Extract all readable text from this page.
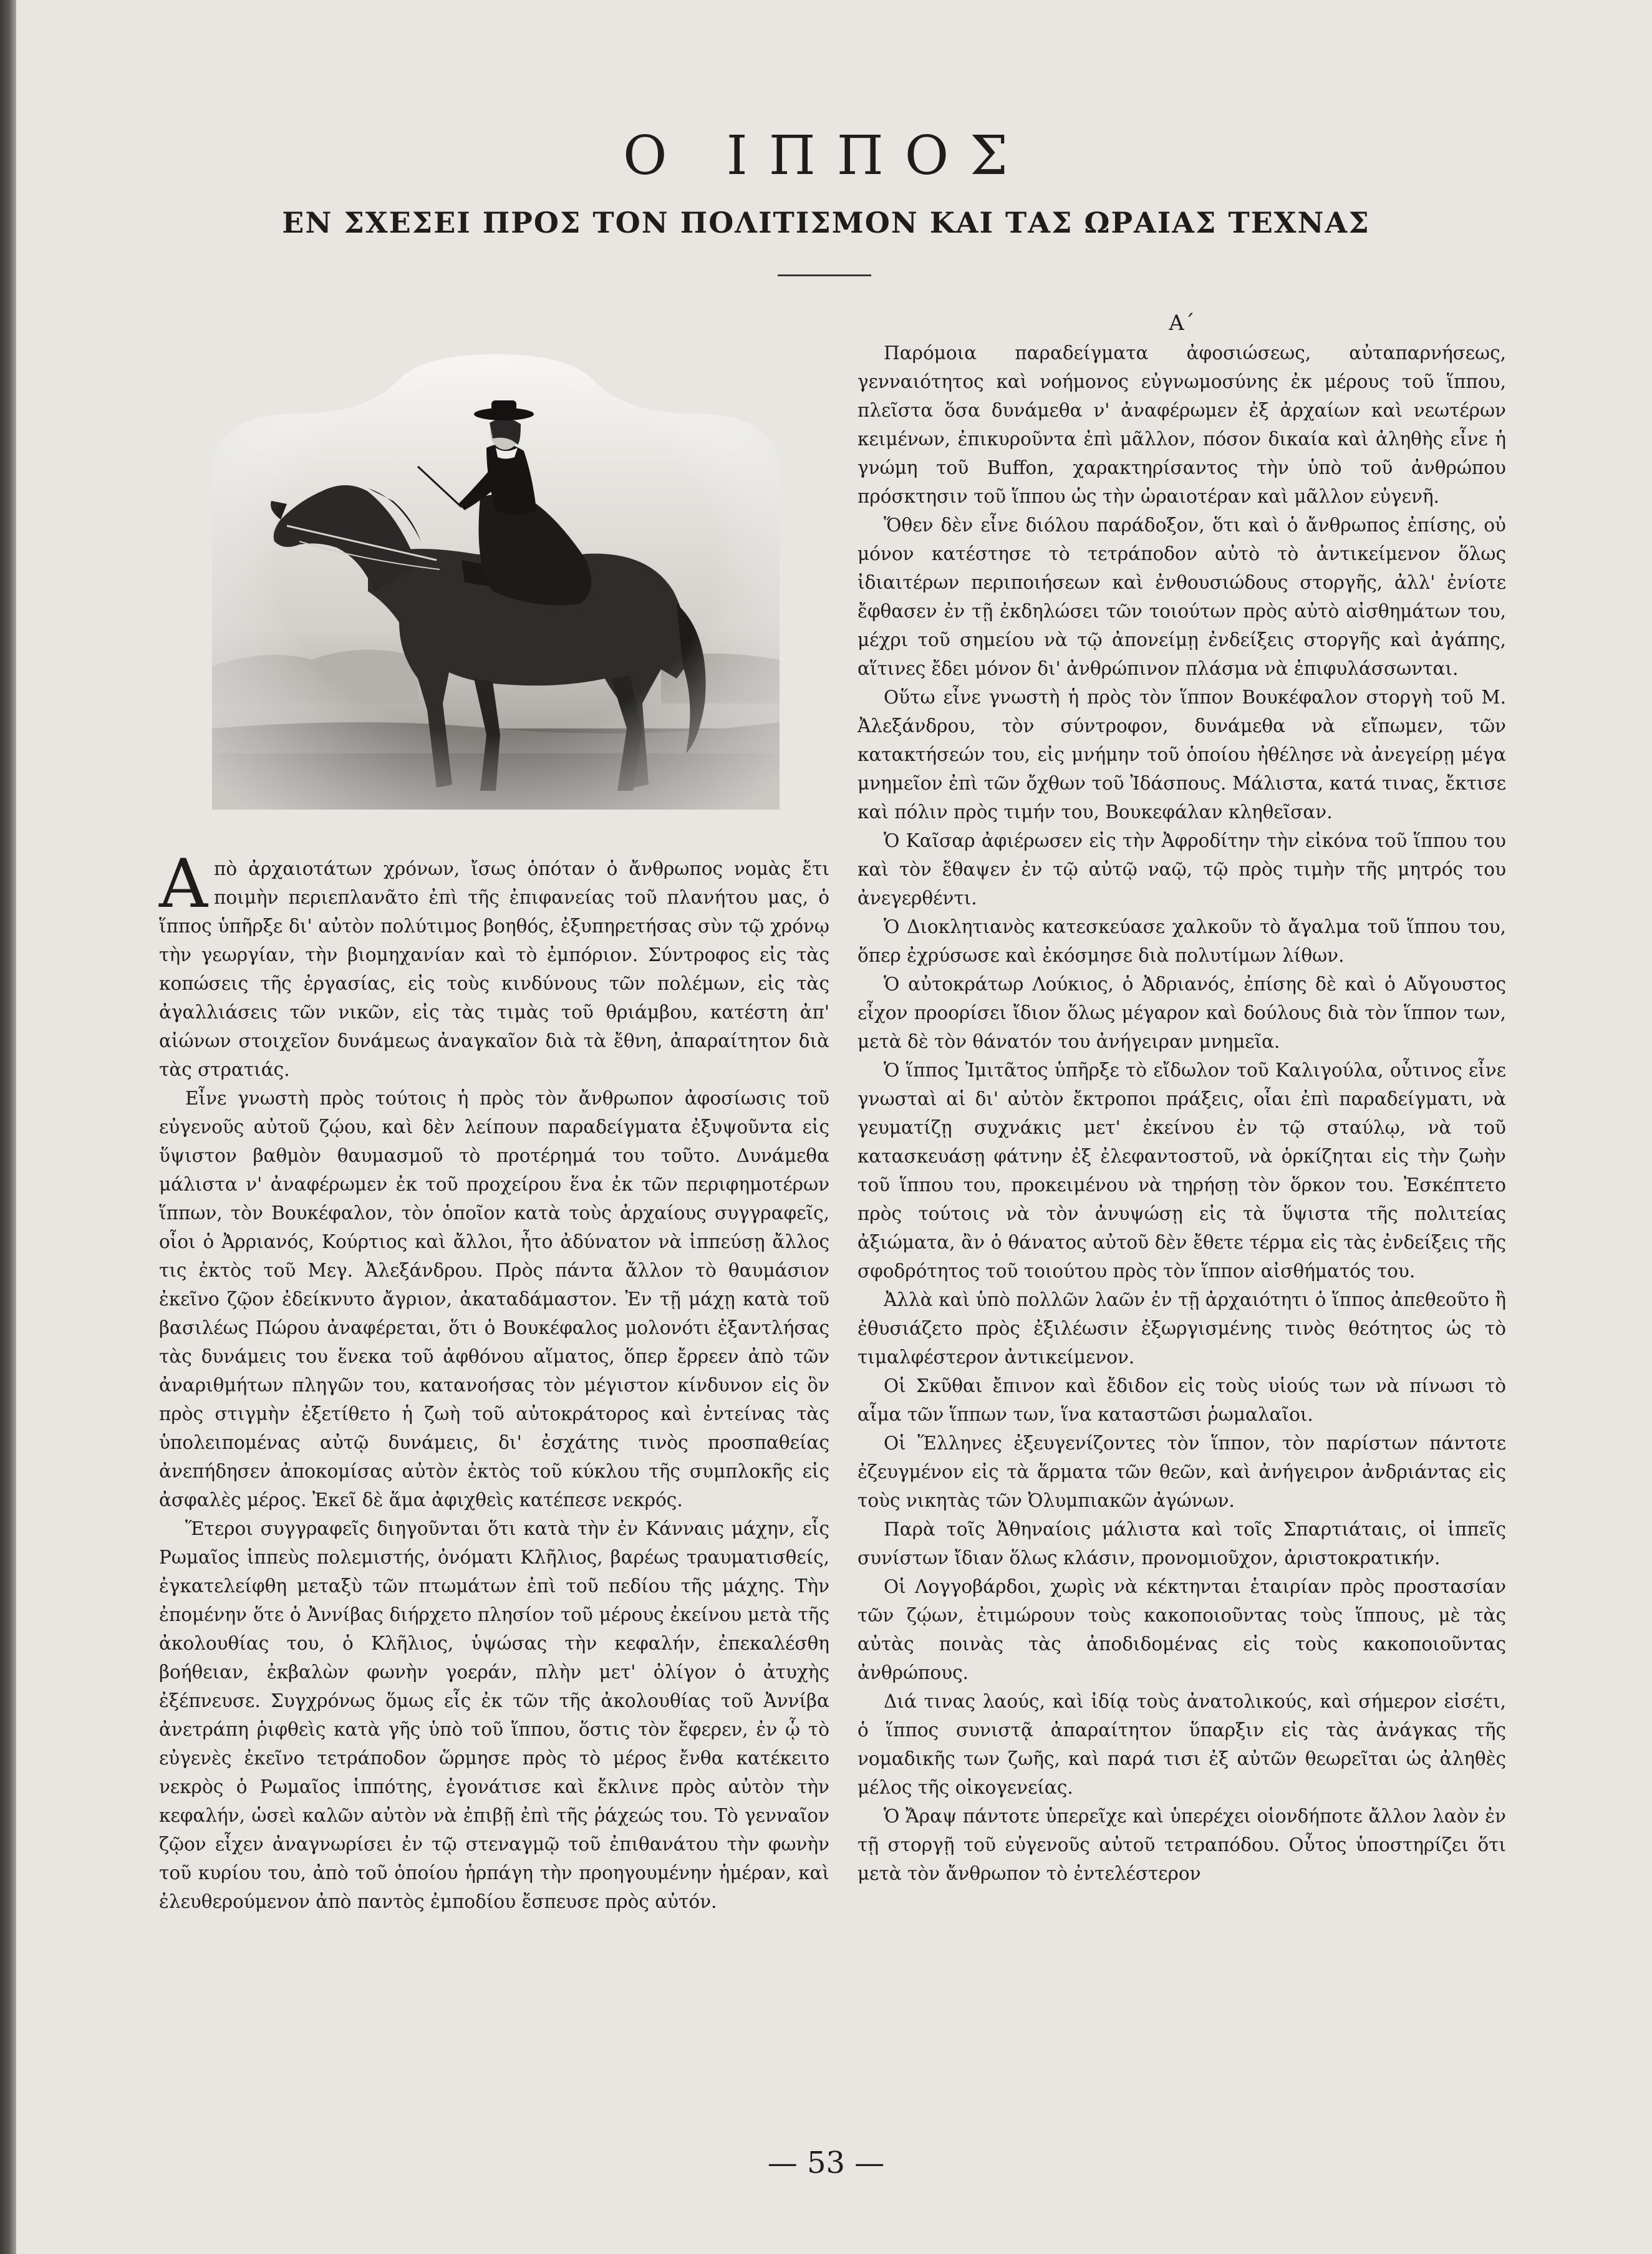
Ο ΙΠΠΟΣ
ΕΝ ΣΧΕΣΕΙ ΠΡΟΣ ΤΟΝ ΠΟΛΙΤΙΣΜΟΝ ΚΑΙ ΤΑΣ ΩΡΑΙΑΣ ΤΕΧΝΑΣ

Απὸ ἀρχαιοτάτων χρόνων, ἴσως ὁπόταν ὁ ἄνθρωπος νομὰς ἔτι ποιμὴν περιεπλανᾶτο ἐπὶ τῆς ἐπιφανείας τοῦ πλανήτου μας, ὁ ἵππος ὑπῆρξε δι' αὐτὸν πολύτιμος βοηθός, ἐξυπηρετήσας σὺν τῷ χρόνῳ τὴν γεωργίαν, τὴν βιομηχανίαν καὶ τὸ ἐμπόριον. Σύντροφος εἰς τὰς κοπώσεις τῆς ἐργασίας, εἰς τοὺς κινδύνους τῶν πολέμων, εἰς τὰς ἀγαλλιάσεις τῶν νικῶν, εἰς τὰς τιμὰς τοῦ θριάμβου, κατέστη ἀπ' αἰώνων στοιχεῖον δυνάμεως ἀναγκαῖον διὰ τὰ ἔθνη, ἀπαραίτητον διὰ τὰς στρατιάς.

Εἶνε γνωστὴ πρὸς τούτοις ἡ πρὸς τὸν ἄνθρωπον ἀφοσίωσις τοῦ εὐγενοῦς αὐτοῦ ζῴου, καὶ δὲν λείπουν παραδείγματα ἐξυψοῦντα εἰς ὕψιστον βαθμὸν θαυμασμοῦ τὸ προτέρημά του τοῦτο. Δυνάμεθα μάλιστα ν' ἀναφέρωμεν ἐκ τοῦ προχείρου ἕνα ἐκ τῶν περιφημοτέρων ἵππων, τὸν Βουκέφαλον, τὸν ὁποῖον κατὰ τοὺς ἀρχαίους συγγραφεῖς, οἷοι ὁ Ἀρριανός, Κούρτιος καὶ ἄλλοι, ἦτο ἀδύνατον νὰ ἱππεύσῃ ἄλλος τις ἐκτὸς τοῦ Μεγ. Ἀλεξάνδρου. Πρὸς πάντα ἄλλον τὸ θαυμάσιον ἐκεῖνο ζῷον ἐδείκνυτο ἄγριον, ἀκαταδάμαστον. Ἐν τῇ μάχῃ κατὰ τοῦ βασιλέως Πώρου ἀναφέρεται, ὅτι ὁ Βουκέφαλος μολονότι ἐξαντλήσας τὰς δυνάμεις του ἕνεκα τοῦ ἀφθόνου αἵματος, ὅπερ ἔρρεεν ἀπὸ τῶν ἀναριθμήτων πληγῶν του, κατανοήσας τὸν μέγιστον κίνδυνον εἰς ὃν πρὸς στιγμὴν ἐξετίθετο ἡ ζωὴ τοῦ αὐτοκράτορος καὶ ἐντείνας τὰς ὑπολειπομένας αὐτῷ δυνάμεις, δι' ἐσχάτης τινὸς προσπαθείας ἀνεπήδησεν ἀποκομίσας αὐτὸν ἐκτὸς τοῦ κύκλου τῆς συμπλοκῆς εἰς ἀσφαλὲς μέρος. Ἐκεῖ δὲ ἅμα ἀφιχθεὶς κατέπεσε νεκρός.

Ἕτεροι συγγραφεῖς διηγοῦνται ὅτι κατὰ τὴν ἐν Κάνναις μάχην, εἷς Ρωμαῖος ἱππεὺς πολεμιστής, ὀνόματι Κλῆλιος, βαρέως τραυματισθείς, ἐγκατελείφθη μεταξὺ τῶν πτωμάτων ἐπὶ τοῦ πεδίου τῆς μάχης. Τὴν ἐπομένην ὅτε ὁ Ἀννίβας διήρχετο πλησίον τοῦ μέρους ἐκείνου μετὰ τῆς ἀκολουθίας του, ὁ Κλῆλιος, ὑψώσας τὴν κεφαλήν, ἐπεκαλέσθη βοήθειαν, ἐκβαλὼν φωνὴν γοεράν, πλὴν μετ' ὀλίγον ὁ ἀτυχὴς ἐξέπνευσε. Συγχρόνως ὅμως εἷς ἐκ τῶν τῆς ἀκολουθίας τοῦ Ἀννίβα ἀνετράπη ῥιφθεὶς κατὰ γῆς ὑπὸ τοῦ ἵππου, ὅστις τὸν ἔφερεν, ἐν ᾧ τὸ εὐγενὲς ἐκεῖνο τετράποδον ὥρμησε πρὸς τὸ μέρος ἔνθα κατέκειτο νεκρὸς ὁ Ρωμαῖος ἱππότης, ἐγονάτισε καὶ ἔκλινε πρὸς αὐτὸν τὴν κεφαλήν, ὡσεὶ καλῶν αὐτὸν νὰ ἐπιβῇ ἐπὶ τῆς ῥάχεώς του. Τὸ γενναῖον ζῷον εἶχεν ἀναγνωρίσει ἐν τῷ στεναγμῷ τοῦ ἐπιθανάτου τὴν φωνὴν τοῦ κυρίου του, ἀπὸ τοῦ ὁποίου ἡρπάγη τὴν προηγουμένην ἡμέραν, καὶ ἐλευθερούμενον ἀπὸ παντὸς ἐμποδίου ἔσπευσε πρὸς αὐτόν.

Α΄

Παρόμοια παραδείγματα ἀφοσιώσεως, αὐταπαρνήσεως, γενναιότητος καὶ νοήμονος εὐγνωμοσύνης ἐκ μέρους τοῦ ἵππου, πλεῖστα ὅσα δυνάμεθα ν' ἀναφέρωμεν ἐξ ἀρχαίων καὶ νεωτέρων κειμένων, ἐπικυροῦντα ἐπὶ μᾶλλον, πόσον δικαία καὶ ἀληθὴς εἶνε ἡ γνώμη τοῦ Buffon, χαρακτηρίσαντος τὴν ὑπὸ τοῦ ἀνθρώπου πρόσκτησιν τοῦ ἵππου ὡς τὴν ὡραιοτέραν καὶ μᾶλλον εὐγενῆ.

Ὅθεν δὲν εἶνε διόλου παράδοξον, ὅτι καὶ ὁ ἄνθρωπος ἐπίσης, οὐ μόνον κατέστησε τὸ τετράποδον αὐτὸ τὸ ἀντικείμενον ὅλως ἰδιαιτέρων περιποιήσεων καὶ ἐνθουσιώδους στοργῆς, ἀλλ' ἐνίοτε ἔφθασεν ἐν τῇ ἐκδηλώσει τῶν τοιούτων πρὸς αὐτὸ αἰσθημάτων του, μέχρι τοῦ σημείου νὰ τῷ ἀπονείμῃ ἐνδείξεις στοργῆς καὶ ἀγάπης, αἵτινες ἔδει μόνον δι' ἀνθρώπινον πλάσμα νὰ ἐπιφυλάσσωνται.

Οὕτω εἶνε γνωστὴ ἡ πρὸς τὸν ἵππον Βουκέφαλον στοργὴ τοῦ Μ. Ἀλεξάνδρου, τὸν σύντροφον, δυνάμεθα νὰ εἴπωμεν, τῶν κατακτήσεών του, εἰς μνήμην τοῦ ὁποίου ἠθέλησε νὰ ἀνεγείρῃ μέγα μνημεῖον ἐπὶ τῶν ὄχθων τοῦ Ἰδάσπους. Μάλιστα, κατά τινας, ἔκτισε καὶ πόλιν πρὸς τιμήν του, Βουκεφάλαν κληθεῖσαν.

Ὁ Καῖσαρ ἀφιέρωσεν εἰς τὴν Ἀφροδίτην τὴν εἰκόνα τοῦ ἵππου του καὶ τὸν ἔθαψεν ἐν τῷ αὐτῷ ναῷ, τῷ πρὸς τιμὴν τῆς μητρός του ἀνεγερθέντι.

Ὁ Διοκλητιανὸς κατεσκεύασε χαλκοῦν τὸ ἄγαλμα τοῦ ἵππου του, ὅπερ ἐχρύσωσε καὶ ἐκόσμησε διὰ πολυτίμων λίθων.

Ὁ αὐτοκράτωρ Λούκιος, ὁ Ἀδριανός, ἐπίσης δὲ καὶ ὁ Αὔγουστος εἶχον προορίσει ἴδιον ὅλως μέγαρον καὶ δούλους διὰ τὸν ἵππον των, μετὰ δὲ τὸν θάνατόν του ἀνήγειραν μνημεῖα.

Ὁ ἵππος Ἰμιτᾶτος ὑπῆρξε τὸ εἴδωλον τοῦ Καλιγούλα, οὗτινος εἶνε γνωσταὶ αἱ δι' αὐτὸν ἔκτροποι πράξεις, οἷαι ἐπὶ παραδείγματι, νὰ γευματίζῃ συχνάκις μετ' ἐκείνου ἐν τῷ σταύλῳ, νὰ τοῦ κατασκευάσῃ φάτνην ἐξ ἐλεφαντοστοῦ, νὰ ὁρκίζηται εἰς τὴν ζωὴν τοῦ ἵππου του, προκειμένου νὰ τηρήσῃ τὸν ὅρκον του. Ἐσκέπτετο πρὸς τούτοις νὰ τὸν ἀνυψώσῃ εἰς τὰ ὕψιστα τῆς πολιτείας ἀξιώματα, ἂν ὁ θάνατος αὐτοῦ δὲν ἔθετε τέρμα εἰς τὰς ἐνδείξεις τῆς σφοδρότητος τοῦ τοιούτου πρὸς τὸν ἵππον αἰσθήματός του.

Ἀλλὰ καὶ ὑπὸ πολλῶν λαῶν ἐν τῇ ἀρχαιότητι ὁ ἵππος ἀπεθεοῦτο ἢ ἐθυσιάζετο πρὸς ἐξιλέωσιν ἐξωργισμένης τινὸς θεότητος ὡς τὸ τιμαλφέστερον ἀντικείμενον.

Οἱ Σκῦθαι ἔπινον καὶ ἔδιδον εἰς τοὺς υἱούς των νὰ πίνωσι τὸ αἷμα τῶν ἵππων των, ἵνα καταστῶσι ῥωμαλαῖοι.

Οἱ Ἕλληνες ἐξευγενίζοντες τὸν ἵππον, τὸν παρίστων πάντοτε ἐζευγμένον εἰς τὰ ἅρματα τῶν θεῶν, καὶ ἀνήγειρον ἀνδριάντας εἰς τοὺς νικητὰς τῶν Ὀλυμπιακῶν ἀγώνων.

Παρὰ τοῖς Ἀθηναίοις μάλιστα καὶ τοῖς Σπαρτιάταις, οἱ ἱππεῖς συνίστων ἴδιαν ὅλως κλάσιν, προνομιοῦχον, ἀριστοκρατικήν.

Οἱ Λογγοβάρδοι, χωρὶς νὰ κέκτηνται ἑταιρίαν πρὸς προστασίαν τῶν ζῴων, ἐτιμώρουν τοὺς κακοποιοῦντας τοὺς ἵππους, μὲ τὰς αὐτὰς ποινὰς τὰς ἀποδιδομένας εἰς τοὺς κακοποιοῦντας ἀνθρώπους.

Διά τινας λαούς, καὶ ἰδίᾳ τοὺς ἀνατολικούς, καὶ σήμερον εἰσέτι, ὁ ἵππος συνιστᾷ ἀπαραίτητον ὕπαρξιν εἰς τὰς ἀνάγκας τῆς νομαδικῆς των ζωῆς, καὶ παρά τισι ἐξ αὐτῶν θεωρεῖται ὡς ἀληθὲς μέλος τῆς οἰκογενείας.

Ὁ Ἄραψ πάντοτε ὑπερεῖχε καὶ ὑπερέχει οἱονδήποτε ἄλλον λαὸν ἐν τῇ στοργῇ τοῦ εὐγενοῦς αὐτοῦ τετραπόδου. Οὗτος ὑποστηρίζει ὅτι μετὰ τὸν ἄνθρωπον τὸ ἐντελέστερον

— 53 —
